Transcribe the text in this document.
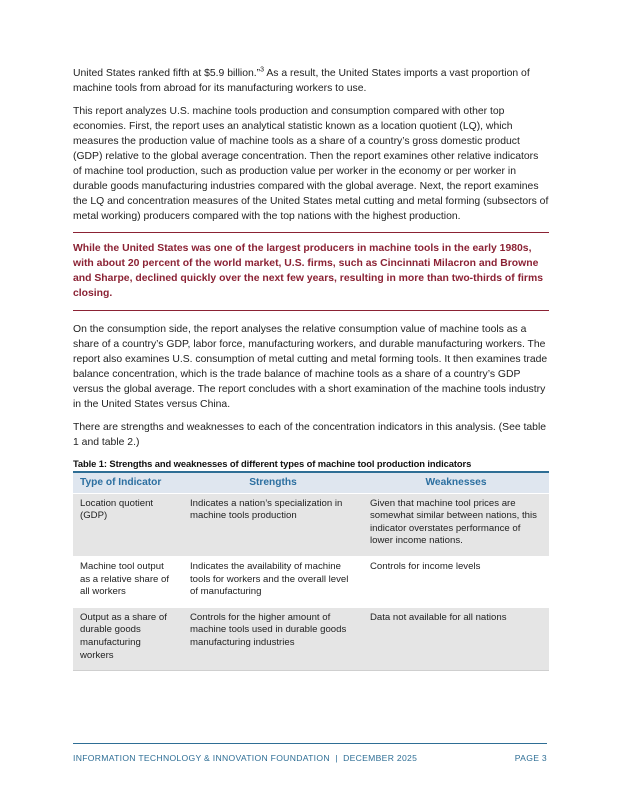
United States ranked fifth at $5.9 billion.”$^3$ As a result, the United States imports a vast proportion of machine tools from abroad for its manufacturing workers to use.

This report analyzes U.S. machine tools production and consumption compared with other top economies. First, the report uses an analytical statistic known as a location quotient (LQ), which measures the production value of machine tools as a share of a country’s gross domestic product (GDP) relative to the global average concentration. Then the report examines other relative indicators of machine tool production, such as production value per worker in the economy or per worker in durable goods manufacturing industries compared with the global average. Next, the report examines the LQ and concentration measures of the United States metal cutting and metal forming (subsectors of metal working) producers compared with the top nations with the highest production.

While the United States was one of the largest producers in machine tools in the early 1980s, with about 20 percent of the world market, U.S. firms, such as Cincinnati Milacron and Browne and Sharpe, declined quickly over the next few years, resulting in more than two-thirds of firms closing.

On the consumption side, the report analyses the relative consumption value of machine tools as a share of a country’s GDP, labor force, manufacturing workers, and durable manufacturing workers. The report also examines U.S. consumption of metal cutting and metal forming tools. It then examines trade balance concentration, which is the trade balance of machine tools as a share of a country’s GDP versus the global average. The report concludes with a short examination of the machine tools industry in the United States versus China.

There are strengths and weaknesses to each of the concentration indicators in this analysis. (See table 1 and table 2.)

Table 1: Strengths and weaknesses of different types of machine tool production indicators
Type of Indicator	Strengths	Weaknesses
Location quotient (GDP)	Indicates a nation’s specialization in machine tools production	Given that machine tool prices are somewhat similar between nations, this indicator overstates performance of lower income nations.
Machine tool output as a relative share of all workers	Indicates the availability of machine tools for workers and the overall level of manufacturing	Controls for income levels
Output as a share of durable goods manufacturing workers	Controls for the higher amount of machine tools used in durable goods manufacturing industries	Data not available for all nations
INFORMATION TECHNOLOGY & INNOVATION FOUNDATION  |  DECEMBER 2025	PAGE 3
